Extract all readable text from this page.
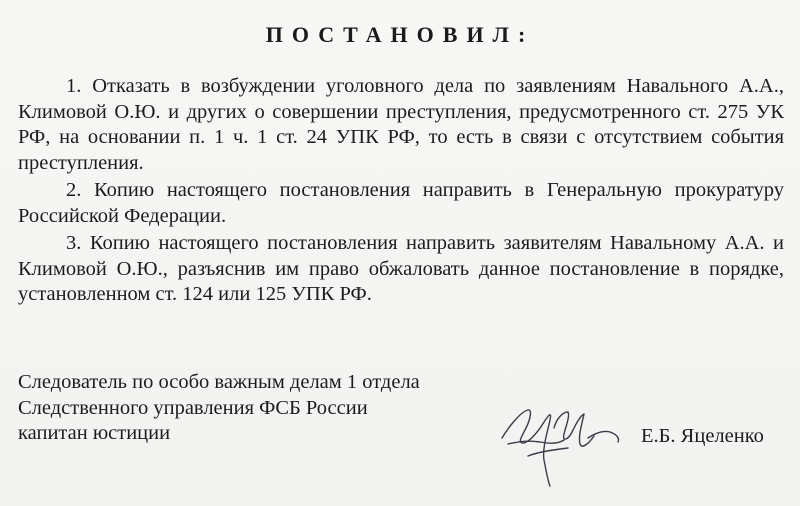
ПОСТАНОВИЛ:

1. Отказать в возбуждении уголовного дела по заявлениям Навального А.А., Климовой О.Ю. и других о совершении преступления, предусмотренного ст. 275 УК РФ, на основании п. 1 ч. 1 ст. 24 УПК РФ, то есть в связи с отсутствием события преступления.

2. Копию настоящего постановления направить в Генеральную прокуратуру Российской Федерации.

3. Копию настоящего постановления направить заявителям Навальному А.А. и Климовой О.Ю., разъяснив им право обжаловать данное постановление в порядке, установленном ст. 124 или 125 УПК РФ.

Следователь по особо важным делам 1 отдела
Следственного управления ФСБ России
капитан юстиции	Е.Б. Яцеленко
